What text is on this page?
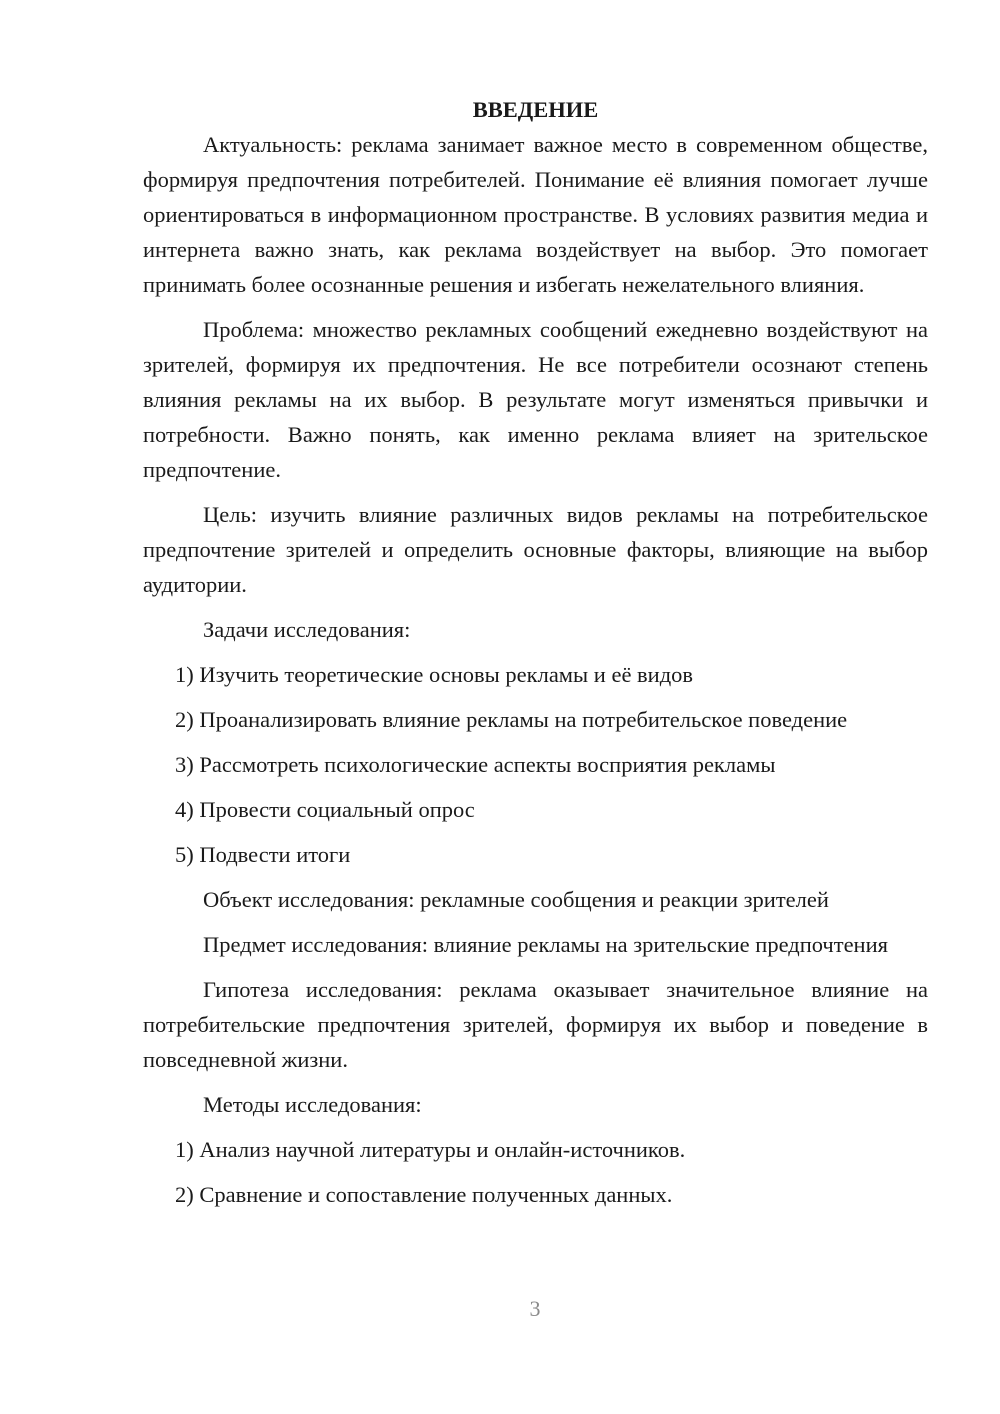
ВВЕДЕНИЕ

Актуальность: реклама занимает важное место в современном обществе, формируя предпочтения потребителей. Понимание её влияния помогает лучше ориентироваться в информационном пространстве. В условиях развития медиа и интернета важно знать, как реклама воздействует на выбор. Это помогает принимать более осознанные решения и избегать нежелательного влияния.

Проблема: множество рекламных сообщений ежедневно воздействуют на зрителей, формируя их предпочтения. Не все потребители осознают степень влияния рекламы на их выбор. В результате могут изменяться привычки и потребности. Важно понять, как именно реклама влияет на зрительское предпочтение.

Цель: изучить влияние различных видов рекламы на потребительское предпочтение зрителей и определить основные факторы, влияющие на выбор аудитории.

Задачи исследования:

1) Изучить теоретические основы рекламы и её видов

2) Проанализировать влияние рекламы на потребительское поведение

3) Рассмотреть психологические аспекты восприятия рекламы

4) Провести социальный опрос

5) Подвести итоги

Объект исследования: рекламные сообщения и реакции зрителей

Предмет исследования: влияние рекламы на зрительские предпочтения

Гипотеза исследования: реклама оказывает значительное влияние на потребительские предпочтения зрителей, формируя их выбор и поведение в повседневной жизни.

Методы исследования:

1) Анализ научной литературы и онлайн-источников.

2) Сравнение и сопоставление полученных данных.

3
